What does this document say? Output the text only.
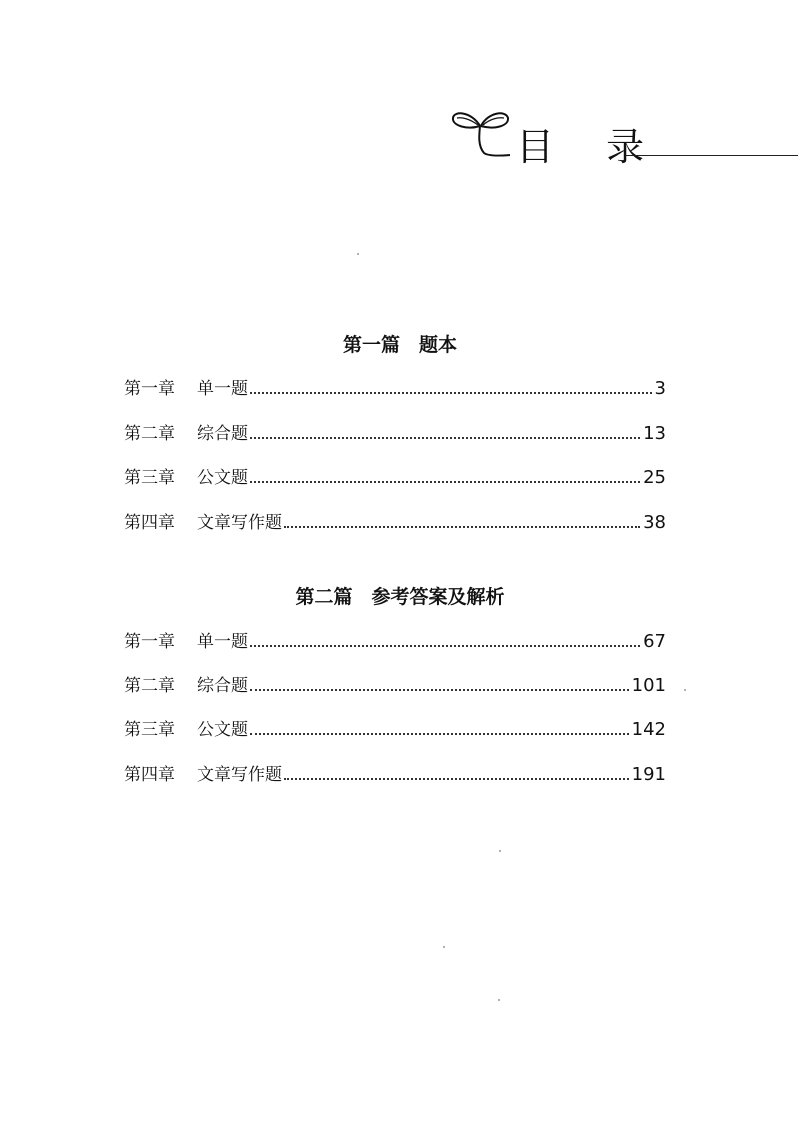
目 录
第一篇　题本
第一章 单一题	3
第二章 综合题	13
第三章 公文题	25
第四章 文章写作题	38
第二篇　参考答案及解析
第一章 单一题	67
第二章 综合题	101
第三章 公文题	142
第四章 文章写作题	191
